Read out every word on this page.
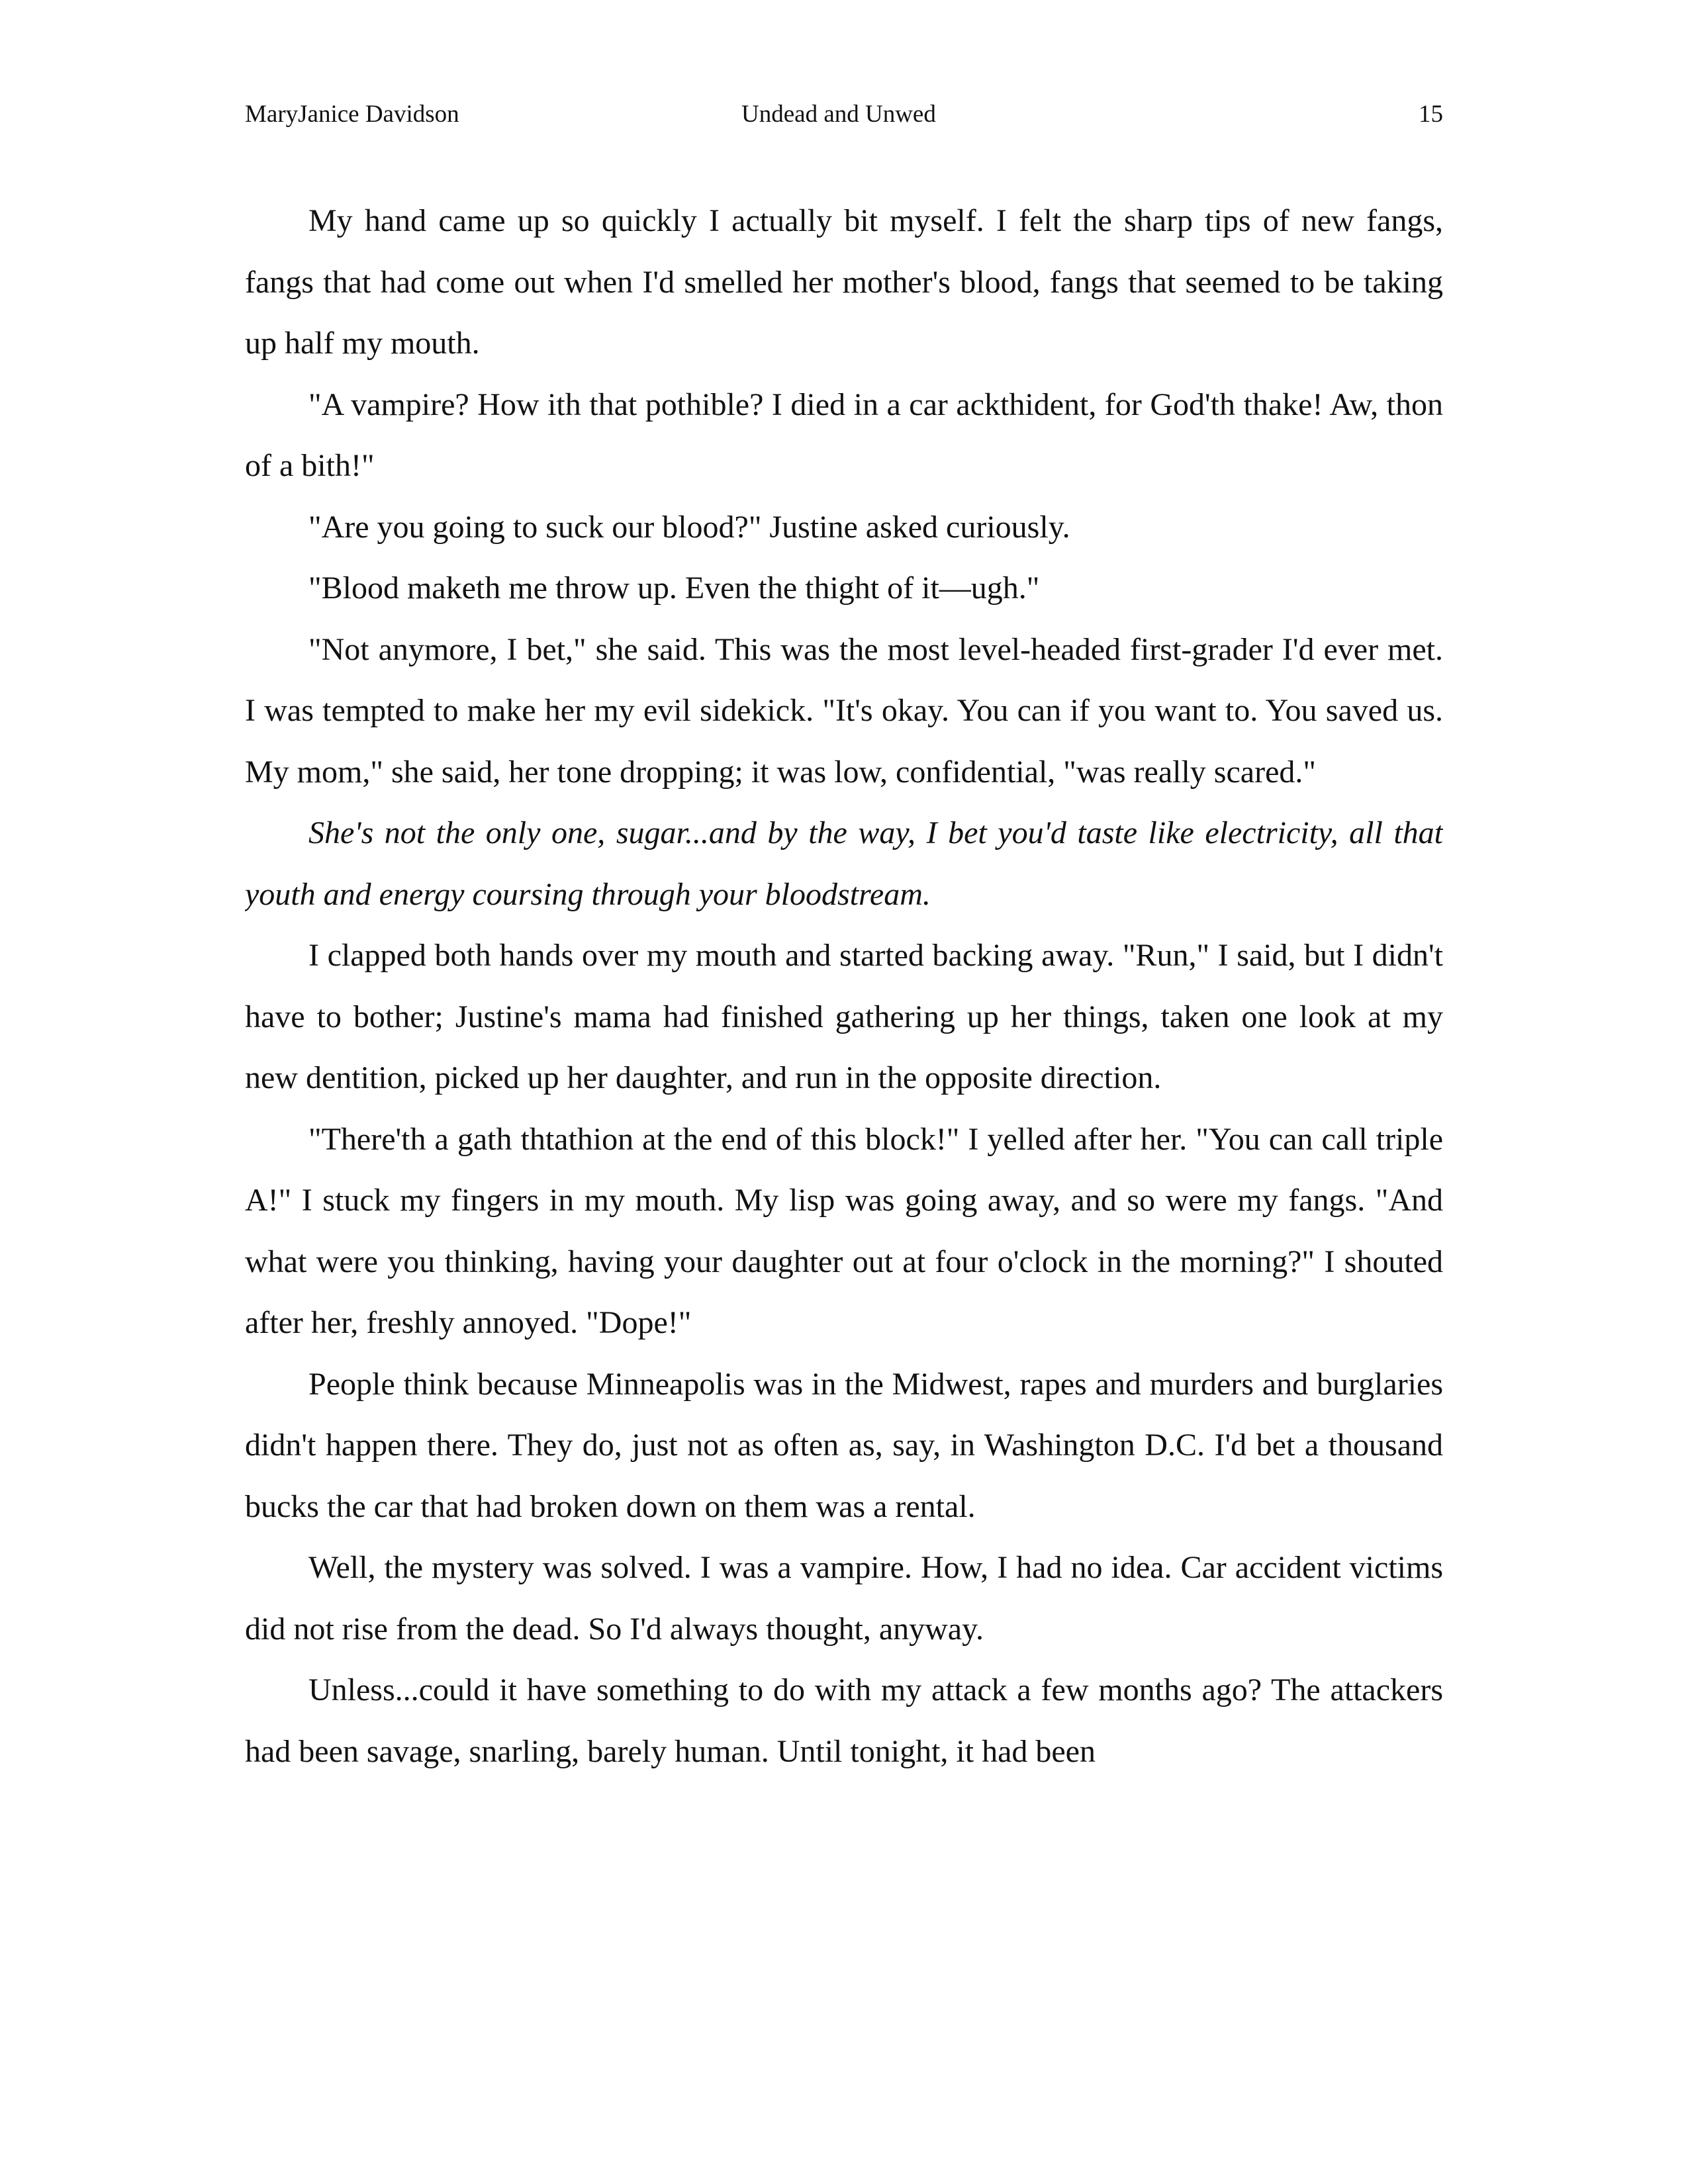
MaryJanice Davidson	Undead and Unwed	15

My hand came up so quickly I actually bit myself. I felt the sharp tips of new fangs, fangs that had come out when I'd smelled her mother's blood, fangs that seemed to be taking up half my mouth.

"A vampire? How ith that pothible? I died in a car ackthident, for God'th thake! Aw, thon of a bith!"

"Are you going to suck our blood?" Justine asked curiously.

"Blood maketh me throw up. Even the thight of it—ugh."

"Not anymore, I bet," she said. This was the most level-headed first-grader I'd ever met. I was tempted to make her my evil sidekick. "It's okay. You can if you want to. You saved us. My mom," she said, her tone dropping; it was low, confidential, "was really scared."

She's not the only one, sugar...and by the way, I bet you'd taste like electricity, all that youth and energy coursing through your bloodstream.

I clapped both hands over my mouth and started backing away. "Run," I said, but I didn't have to bother; Justine's mama had finished gathering up her things, taken one look at my new dentition, picked up her daughter, and run in the opposite direction.

"There'th a gath thtathion at the end of this block!" I yelled after her. "You can call triple A!" I stuck my fingers in my mouth. My lisp was going away, and so were my fangs. "And what were you thinking, having your daughter out at four o'clock in the morning?" I shouted after her, freshly annoyed. "Dope!"

People think because Minneapolis was in the Midwest, rapes and murders and burglaries didn't happen there. They do, just not as often as, say, in Washington D.C. I'd bet a thousand bucks the car that had broken down on them was a rental.

Well, the mystery was solved. I was a vampire. How, I had no idea. Car accident victims did not rise from the dead. So I'd always thought, anyway.

Unless...could it have something to do with my attack a few months ago? The attackers had been savage, snarling, barely human. Until tonight, it had been
